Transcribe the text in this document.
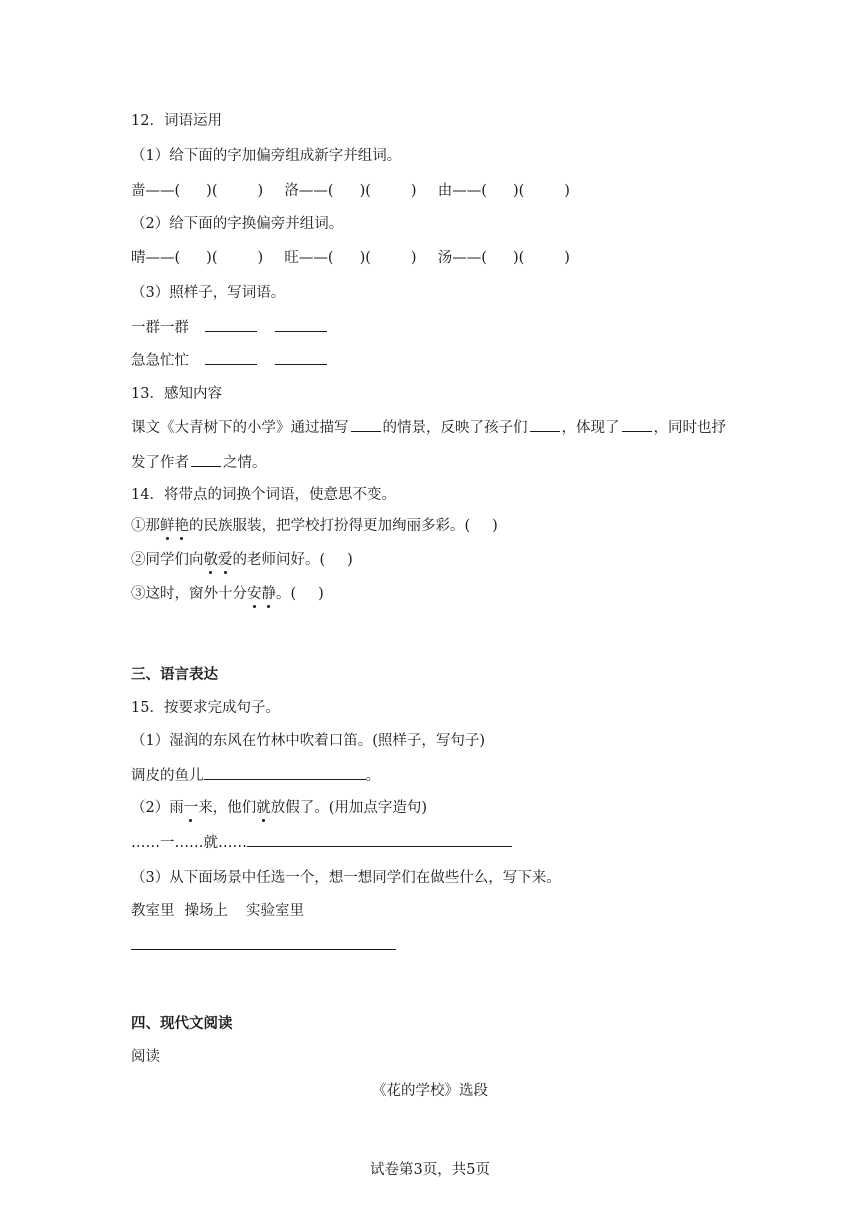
12．词语运用
（1）给下面的字加偏旁组成新字并组词。
啬——( )(	) 洛——( )(	) 由——( )(	)
（2）给下面的字换偏旁并组词。
晴——( )(	) 旺——( )(	) 汤——( )(	)
（3）照样子，写词语。
一群一群
急急忙忙
13．感知内容
课文《大青树下的小学》通过描写 的情景，反映了孩子们 ，体现了 ，同时也抒
发了作者 之情。
14．将带点的词换个词语，使意思不变。
①那鲜艳的民族服装，把学校打扮得更加绚丽多彩。( )
②同学们向敬爱的老师问好。( )
③这时，窗外十分安静。( )
三、语言表达
15．按要求完成句子。
（1）湿润的东风在竹林中吹着口笛。(照样子，写句子)
调皮的鱼儿	。
（2）雨一来，他们就放假了。(用加点字造句)
……一……就……
（3）从下面场景中任选一个，想一想同学们在做些什么，写下来。
教室里 操场上 实验室里
四、现代文阅读
阅读
《花的学校》选段
试卷第3页，共5页
